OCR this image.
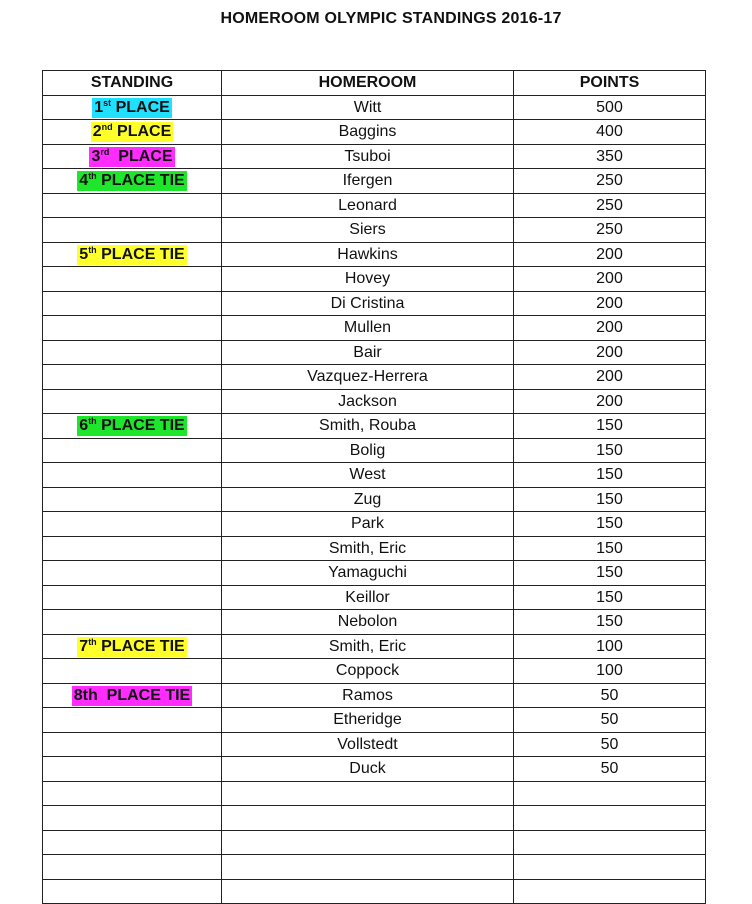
HOMEROOM OLYMPIC STANDINGS 2016-17
STANDING	HOMEROOM	POINTS
1st PLACE	Witt	500
2nd PLACE	Baggins	400
3rd  PLACE	Tsuboi	350
4th PLACE TIE	Ifergen	250
	Leonard	250
	Siers	250
5th PLACE TIE	Hawkins	200
	Hovey	200
	Di Cristina	200
	Mullen	200
	Bair	200
	Vazquez-Herrera	200
	Jackson	200
6th PLACE TIE	Smith, Rouba	150
	Bolig	150
	West	150
	Zug	150
	Park	150
	Smith, Eric	150
	Yamaguchi	150
	Keillor	150
	Nebolon	150
7th PLACE TIE	Smith, Eric	100
	Coppock	100
8th  PLACE TIE	Ramos	50
	Etheridge	50
	Vollstedt	50
	Duck	50
